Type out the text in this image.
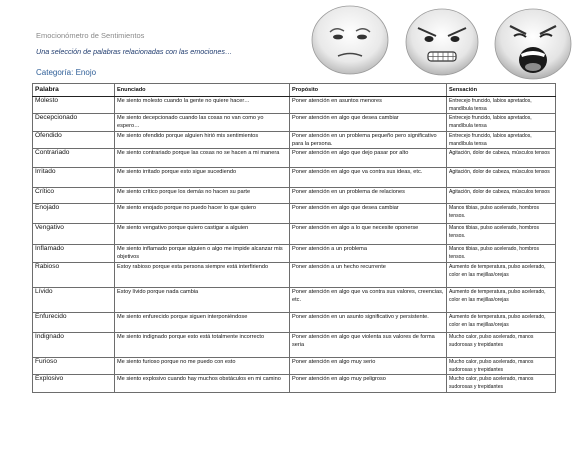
Emocionómetro de Sentimientos
Una selección de palabras relacionadas con las emociones…
Categoría: Enojo
Palabra	Enunciado	Propósito	Sensación
Molesto	Me siento molesto cuando la gente no quiere hacer…	Poner atención en asuntos menores	Entrecejo fruncido, labios apretados, mandíbula tensa
Decepcionado	Me siento decepcionado cuando las cosas no van como yo espero…	Poner atención en algo que desea cambiar	Entrecejo fruncido, labios apretados, mandíbula tensa
Ofendido	Me siento ofendido porque alguien hirió mis sentimientos	Poner atención en un problema pequeño pero significativo para la persona.	Entrecejo fruncido, labios apretados, mandíbula tensa
Contrariado	Me siento contrariado porque las cosas no se hacen a mi manera	Poner atención en algo que dejo pasar por alto	Agitación, dolor de cabeza, músculos tensos
Irritado	Me siento irritado porque esto sigue sucediendo	Poner atención en algo que va contra sus ideas, etc.	Agitación, dolor de cabeza, músculos tensos
Crítico	Me siento crítico porque los demás no hacen su parte	Poner atención en un problema de relaciones	Agitación, dolor de cabeza, músculos tensos
Enojado	Me siento enojado porque no puedo hacer lo que quiero	Poner atención en algo que desea cambiar	Manos tibias, pulso acelerado, hombros tensos.
Vengativo	Me siento vengativo porque quiero castigar a alguien	Poner atención en algo a lo que necesite oponerse	Manos tibias, pulso acelerado, hombros tensos.
Inflamado	Me siento inflamado porque alguien o algo me impide alcanzar mis objetivos	Poner atención a un problema	Manos tibias, pulso acelerado, hombros tensos.
Rabioso	Estoy rabioso porque esta persona siempre está interfiriendo	Poner atención a un hecho recurrente	Aumento de temperatura, pulso acelerado, color en las mejillas/orejas
Lívido	Estoy lívido porque nada cambia	Poner atención en algo que va contra sus valores, creencias, etc.	Aumento de temperatura, pulso acelerado, color en las mejillas/orejas
Enfurecido	Me siento enfurecido porque siguen interponiéndose	Poner atención en un asunto significativo y persistente.	Aumento de temperatura, pulso acelerado, color en las mejillas/orejas
Indignado	Me siento indignado porque esto está totalmente incorrecto	Poner atención en algo que violenta sus valores de forma seria	Mucho calor, pulso acelerado, manos sudorosas y trepidantes
Furioso	Me siento furioso porque no me puedo con esto	Poner atención en algo muy serio	Mucho calor, pulso acelerado, manos sudorosas y trepidantes
Explosivo	Me siento explosivo cuando hay muchos obstáculos en mi camino	Poner atención en algo muy peligroso	Mucho calor, pulso acelerado, manos sudorosas y trepidantes
